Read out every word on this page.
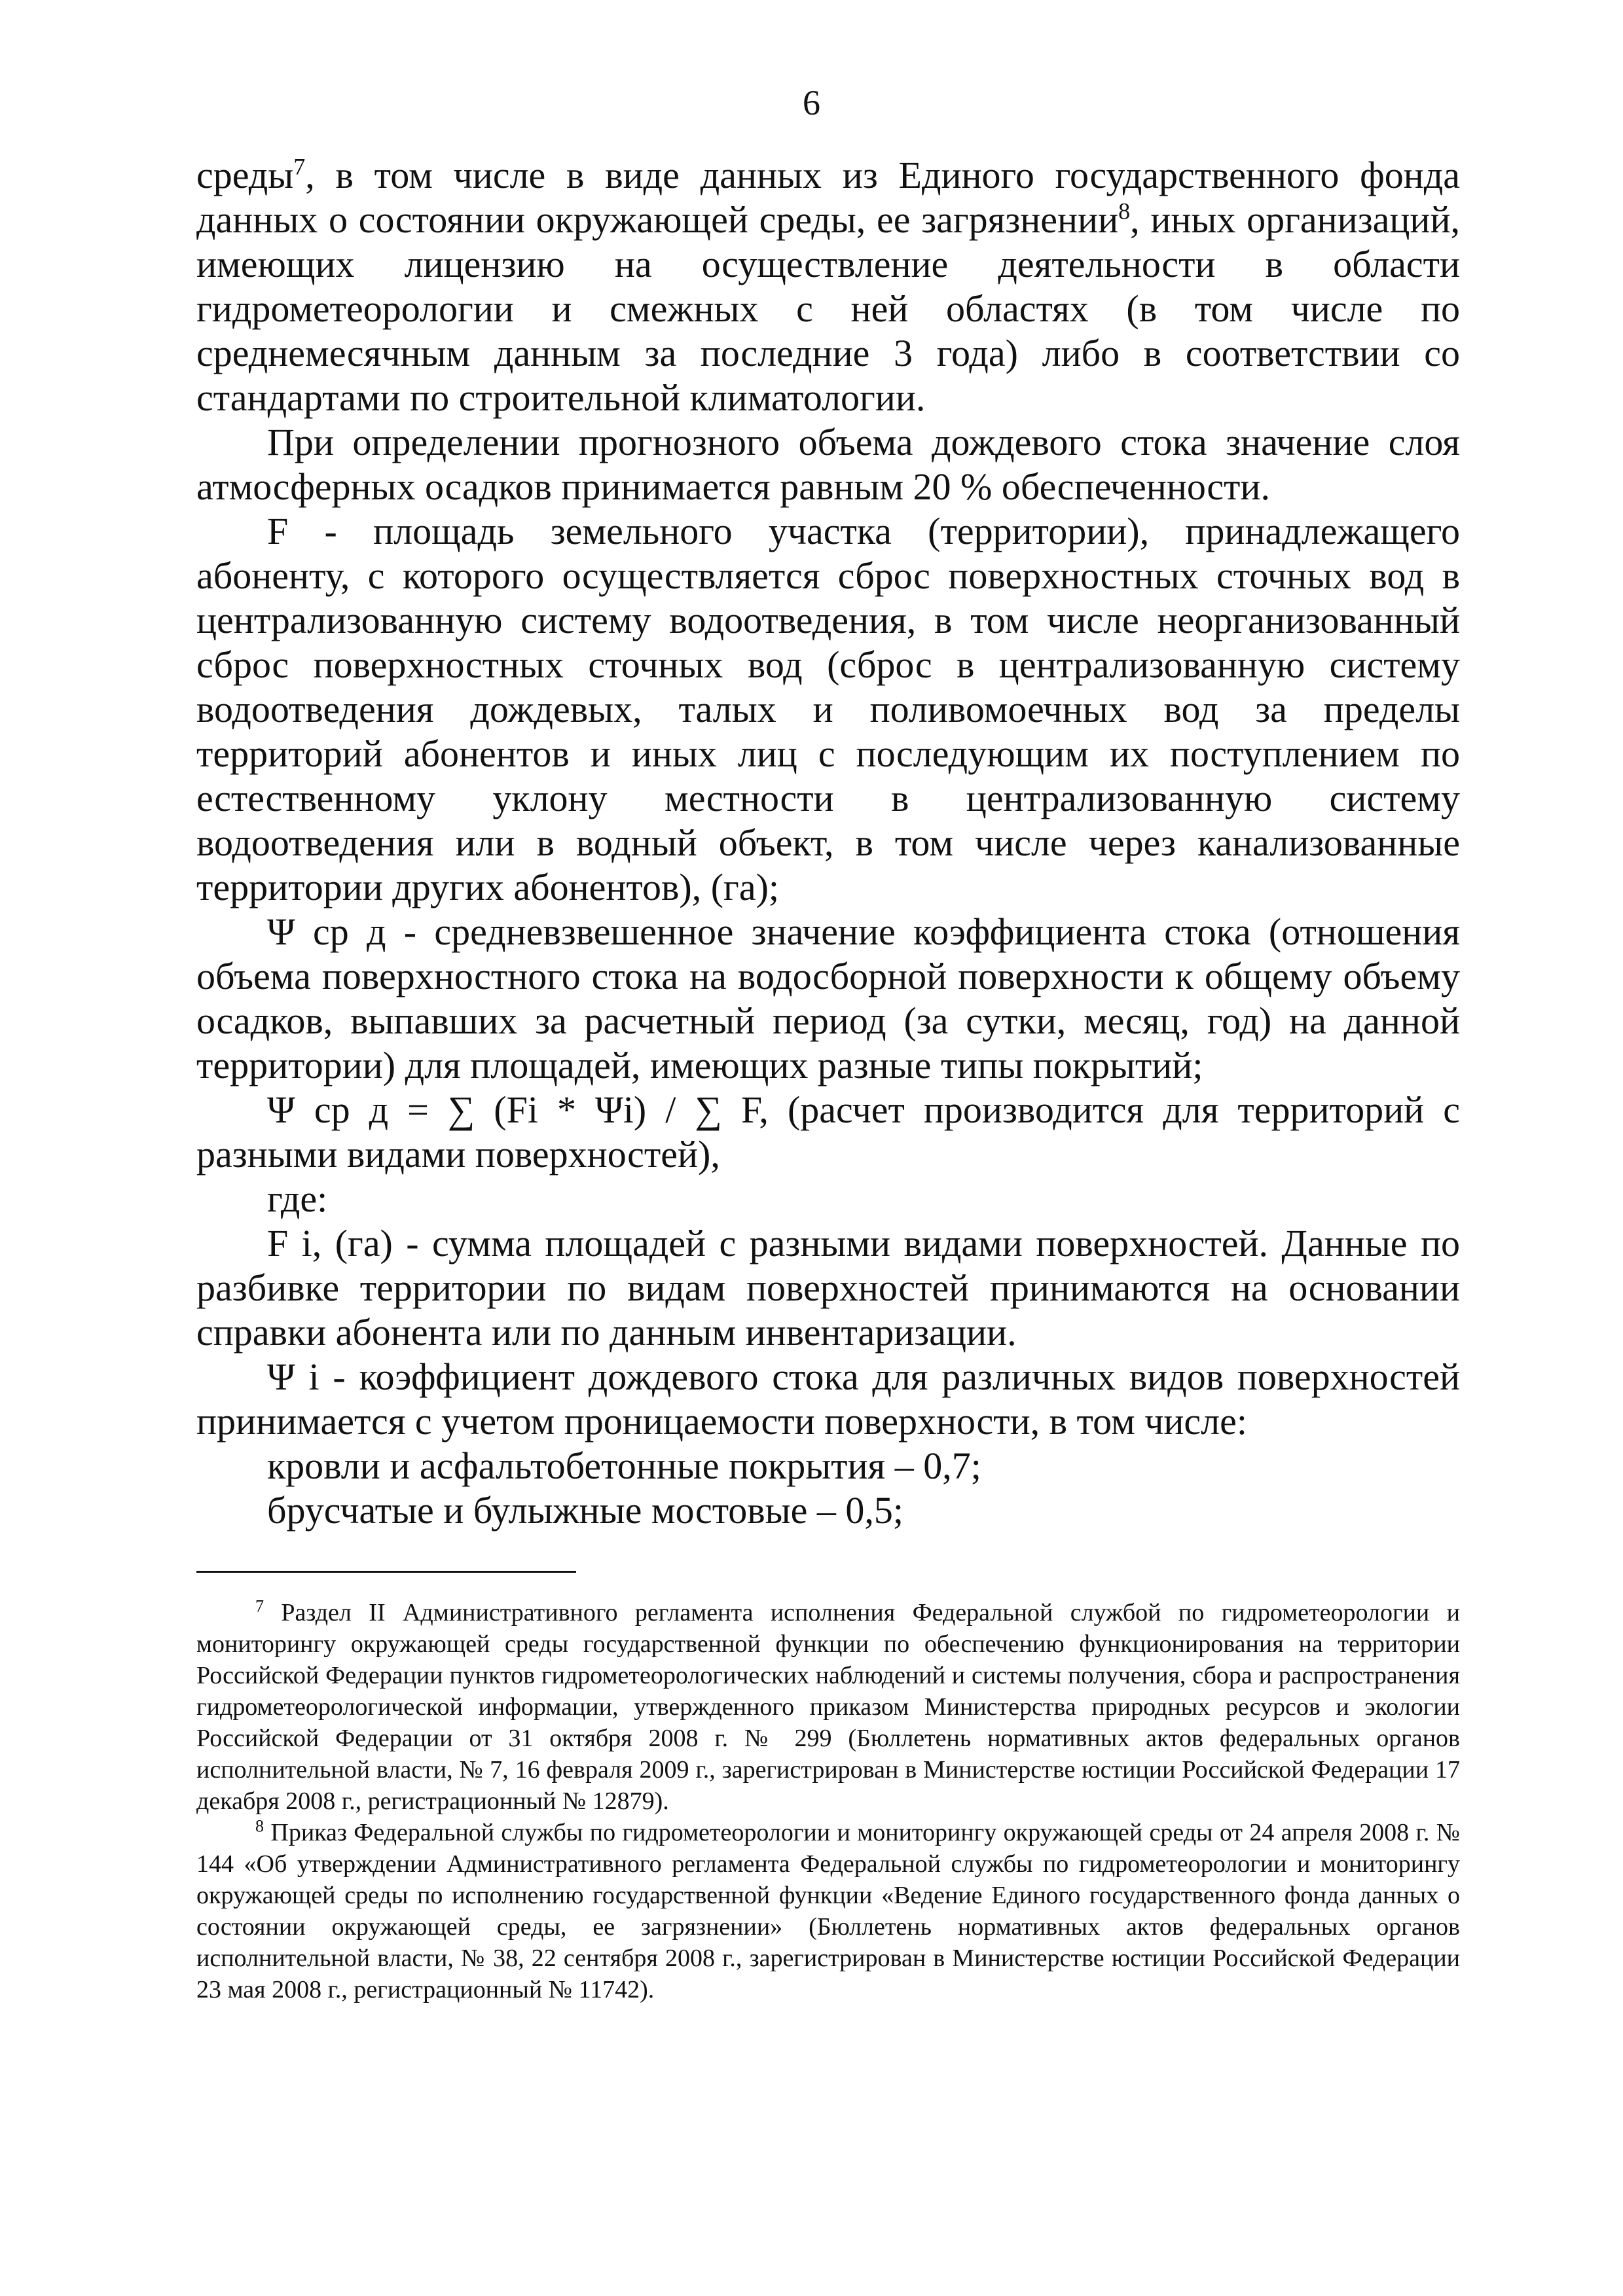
6

среды$^7$, в том числе в виде данных из Единого государственного фонда данных о состоянии окружающей среды, ее загрязнении$^8$, иных организаций, имеющих лицензию на осуществление деятельности в области гидрометеорологии и смежных с ней областях (в том числе по среднемесячным данным за последние 3 года) либо в соответствии со стандартами по строительной климатологии.

При определении прогнозного объема дождевого стока значение слоя атмосферных осадков принимается равным 20 % обеспеченности.

F - площадь земельного участка (территории), принадлежащего абоненту, с которого осуществляется сброс поверхностных сточных вод в централизованную систему водоотведения, в том числе неорганизованный сброс поверхностных сточных вод (сброс в централизованную систему водоотведения дождевых, талых и поливомоечных вод за пределы территорий абонентов и иных лиц с последующим их поступлением по естественному уклону местности в централизованную систему водоотведения или в водный объект, в том числе через канализованные территории других абонентов), (га);

Ψ ср д - средневзвешенное значение коэффициента стока (отношения объема поверхностного стока на водосборной поверхности к общему объему осадков, выпавших за расчетный период (за сутки, месяц, год) на данной территории) для площадей, имеющих разные типы покрытий;

Ψ ср д = ∑ (Fi * Ψi) / ∑ F, (расчет производится для территорий с разными видами поверхностей),

где:

F i, (га) - сумма площадей с разными видами поверхностей. Данные по разбивке территории по видам поверхностей принимаются на основании справки абонента или по данным инвентаризации.

Ψ i - коэффициент дождевого стока для различных видов поверхностей принимается с учетом проницаемости поверхности, в том числе:

кровли и асфальтобетонные покрытия – 0,7;

брусчатые и булыжные мостовые – 0,5;

$^7$ Раздел II Административного регламента исполнения Федеральной службой по гидрометеорологии и мониторингу окружающей среды государственной функции по обеспечению функционирования на территории Российской Федерации пунктов гидрометеорологических наблюдений и системы получения, сбора и распространения гидрометеорологической информации, утвержденного приказом Министерства природных ресурсов и экологии Российской Федерации от 31 октября 2008 г. № 299 (Бюллетень нормативных актов федеральных органов исполнительной власти, № 7, 16 февраля 2009 г., зарегистрирован в Министерстве юстиции Российской Федерации 17 декабря 2008 г., регистрационный № 12879).

$^8$ Приказ Федеральной службы по гидрометеорологии и мониторингу окружающей среды от 24 апреля 2008 г. № 144 «Об утверждении Административного регламента Федеральной службы по гидрометеорологии и мониторингу окружающей среды по исполнению государственной функции «Ведение Единого государственного фонда данных о состоянии окружающей среды, ее загрязнении» (Бюллетень нормативных актов федеральных органов исполнительной власти, № 38, 22 сентября 2008 г., зарегистрирован в Министерстве юстиции Российской Федерации 23 мая 2008 г., регистрационный № 11742).
